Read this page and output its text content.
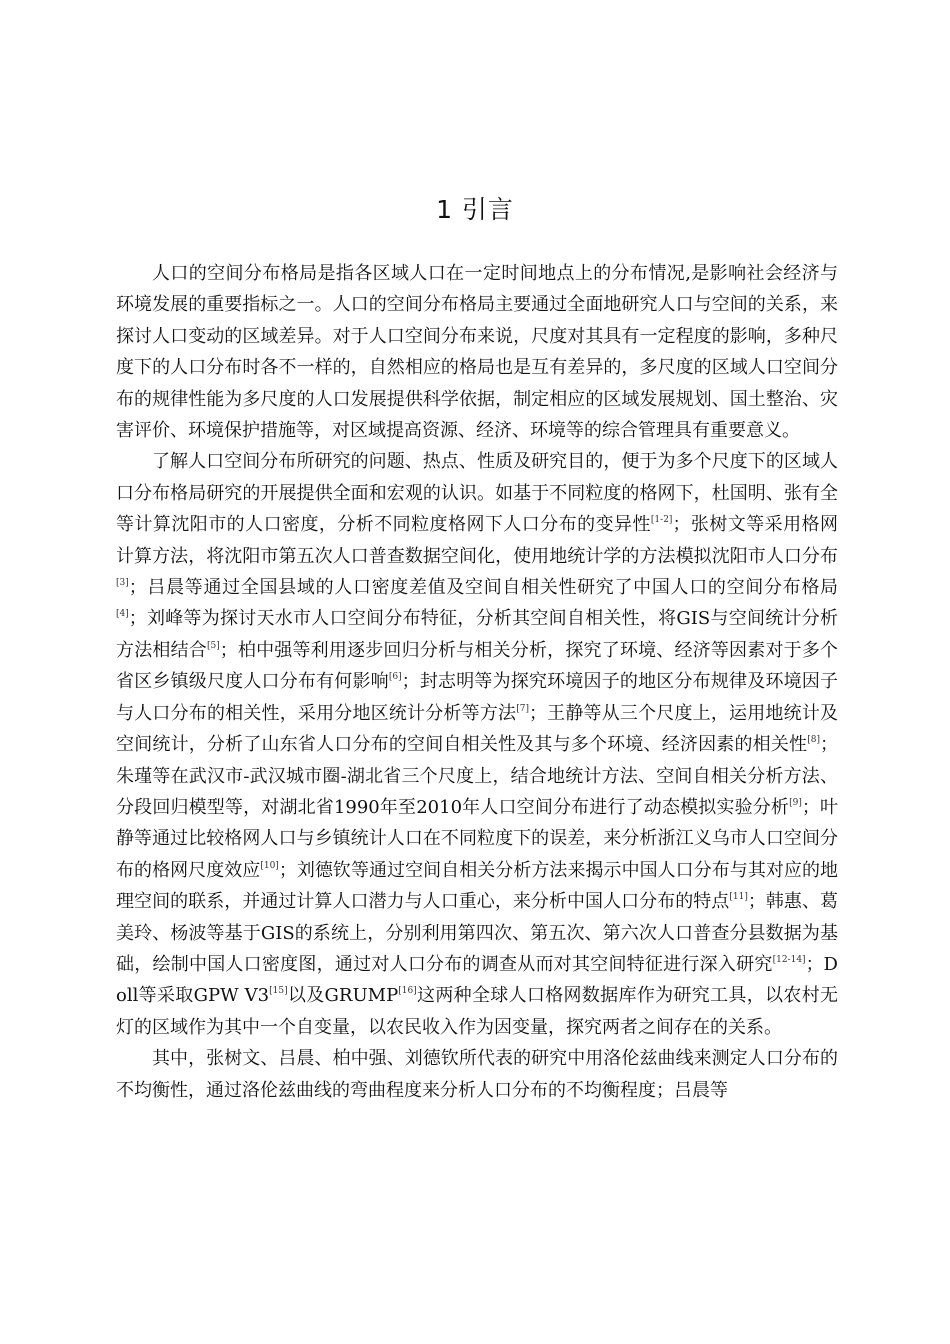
1 引言

人口的空间分布格局是指各区域人口在一定时间地点上的分布情况,是影响社会经济与环境发展的重要指标之一。人口的空间分布格局主要通过全面地研究人口与空间的关系，来探讨人口变动的区域差异。对于人口空间分布来说，尺度对其具有一定程度的影响，多种尺度下的人口分布时各不一样的，自然相应的格局也是互有差异的，多尺度的区域人口空间分布的规律性能为多尺度的人口发展提供科学依据，制定相应的区域发展规划、国土整治、灾害评价、环境保护措施等，对区域提高资源、经济、环境等的综合管理具有重要意义。

了解人口空间分布所研究的问题、热点、性质及研究目的，便于为多个尺度下的区域人口分布格局研究的开展提供全面和宏观的认识。如基于不同粒度的格网下，杜国明、张有全等计算沈阳市的人口密度，分析不同粒度格网下人口分布的变异性[1-2]；张树文等采用格网计算方法，将沈阳市第五次人口普查数据空间化，使用地统计学的方法模拟沈阳市人口分布[3]；吕晨等通过全国县域的人口密度差值及空间自相关性研究了中国人口的空间分布格局[4]；刘峰等为探讨天水市人口空间分布特征，分析其空间自相关性，将GIS与空间统计分析方法相结合[5]；柏中强等利用逐步回归分析与相关分析，探究了环境、经济等因素对于多个省区乡镇级尺度人口分布有何影响[6]；封志明等为探究环境因子的地区分布规律及环境因子与人口分布的相关性，采用分地区统计分析等方法[7]；王静等从三个尺度上，运用地统计及空间统计，分析了山东省人口分布的空间自相关性及其与多个环境、经济因素的相关性[8]；朱瑾等在武汉市-武汉城市圈-湖北省三个尺度上，结合地统计方法、空间自相关分析方法、分段回归模型等，对湖北省1990年至2010年人口空间分布进行了动态模拟实验分析[9]；叶静等通过比较格网人口与乡镇统计人口在不同粒度下的误差，来分析浙江义乌市人口空间分布的格网尺度效应[10]；刘德钦等通过空间自相关分析方法来揭示中国人口分布与其对应的地理空间的联系，并通过计算人口潜力与人口重心，来分析中国人口分布的特点[11]；韩惠、葛美玲、杨波等基于GIS的系统上，分别利用第四次、第五次、第六次人口普查分县数据为基础，绘制中国人口密度图，通过对人口分布的调查从而对其空间特征进行深入研究[12-14]；Doll等采取GPW V3[15]以及GRUMP[16]这两种全球人口格网数据库作为研究工具，以农村无灯的区域作为其中一个自变量，以农民收入作为因变量，探究两者之间存在的关系。

其中，张树文、吕晨、柏中强、刘德钦所代表的研究中用洛伦兹曲线来测定人口分布的不均衡性，通过洛伦兹曲线的弯曲程度来分析人口分布的不均衡程度；吕晨等
